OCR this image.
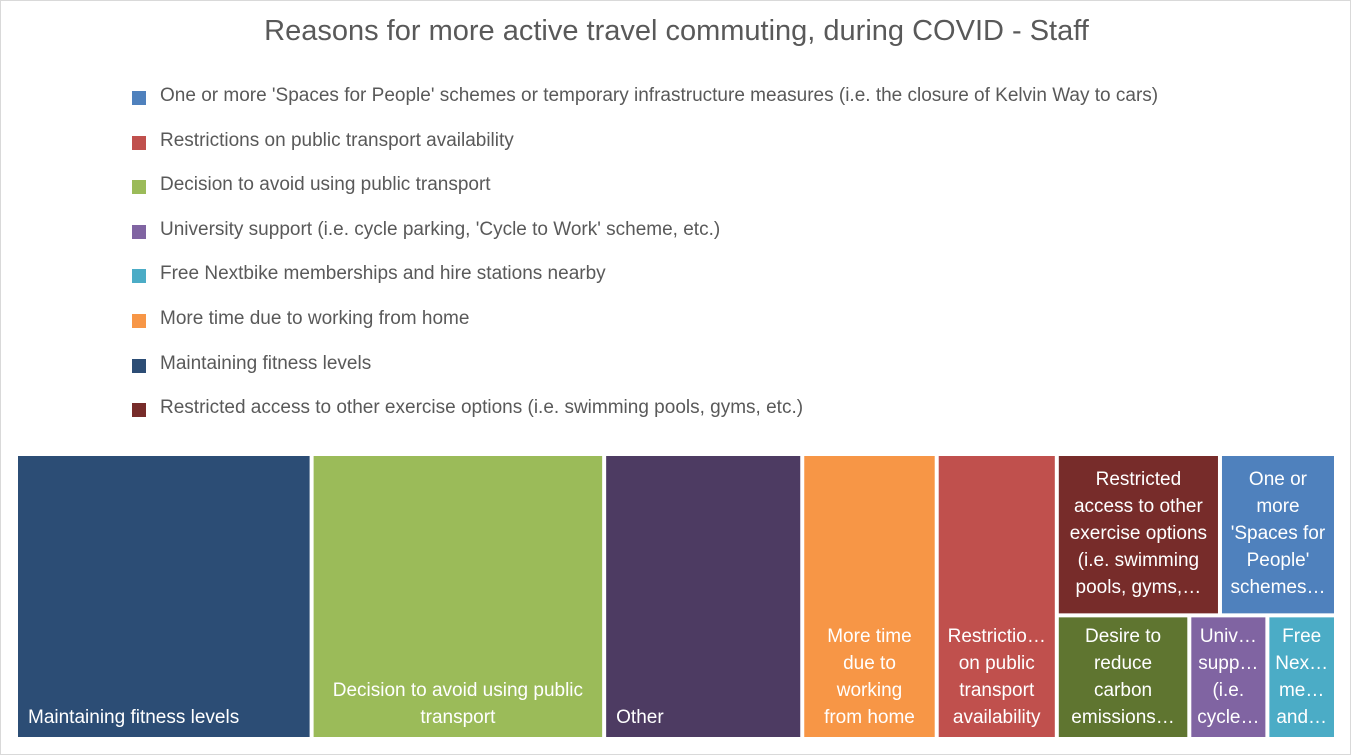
Reasons for more active travel commuting, during COVID - Staff
One or more 'Spaces for People' schemes or temporary infrastructure measures (i.e. the closure of Kelvin Way to cars)
Restrictions on public transport availability
Decision to avoid using public transport
University support (i.e. cycle parking, 'Cycle to Work' scheme, etc.)
Free Nextbike memberships and hire stations nearby
More time due to working from home
Maintaining fitness levels
Restricted access to other exercise options (i.e. swimming pools, gyms, etc.)
Maintaining fitness levels
Decision to avoid using public
transport	Other
More time
due to
working
from home
Restrictio…
on public
transport
availability
Restricted
access to other
exercise options
(i.e. swimming
pools, gyms,…
One or
more
'Spaces for
People'
schemes…
Desire to
reduce
carbon
emissions…
Univ…
supp…
(i.e.
cycle…
Free
Nex…
me…
and…
